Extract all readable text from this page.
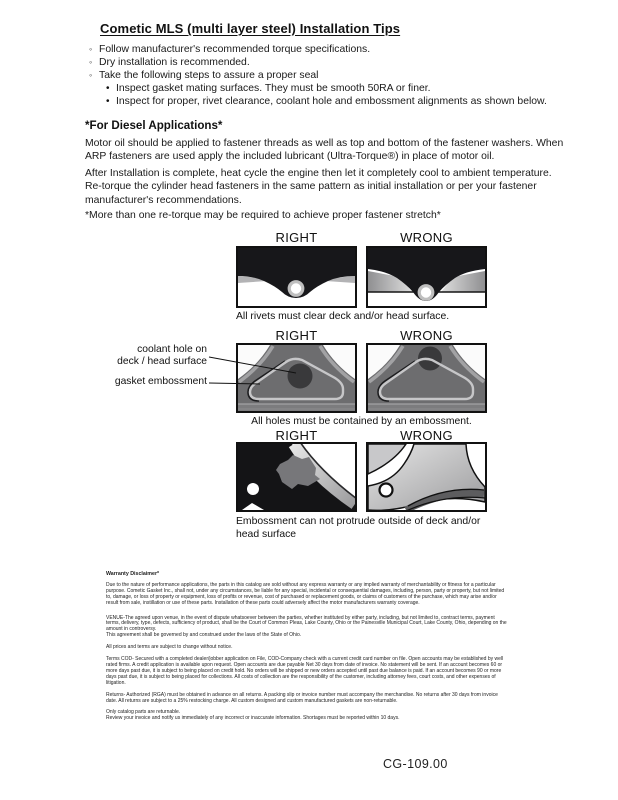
Cometic MLS (multi layer steel) Installation Tips
◦ Follow manufacturer's recommended torque specifications.
◦ Dry installation is recommended.
◦ Take the following steps to assure a proper seal
• Inspect gasket mating surfaces. They must be smooth 50RA or finer.
• Inspect for proper, rivet clearance, coolant hole and embossment alignments as shown below.
*For Diesel Applications*
Motor oil should be applied to fastener threads as well as top and bottom of the fastener washers. When ARP fasteners are used apply the included lubricant (Ultra-Torque®) in place of motor oil.
After Installation is complete, heat cycle the engine then let it completely cool to ambient temperature. Re-torque the cylinder head fasteners in the same pattern as initial installation or per your fastener manufacturer's recommendations.
*More than one re-torque may be required to achieve proper fastener stretch*
RIGHT	WRONG
All rivets must clear deck and/or head surface.
RIGHT	WRONG
coolant hole on
deck / head surface
gasket embossment
All holes must be contained by an embossment.
RIGHT	WRONG
Embossment can not protrude outside of deck and/or head surface
Warranty Disclaimer*

Due to the nature of performance applications, the parts in this catalog are sold without any express warranty or any implied warranty of merchantability or fitness for a particular purpose. Cometic Gasket Inc., shall not, under any circumstances, be liable for any special, incidental or consequential damages, including, person, party or property, but not limited to, damage, or loss of property or equipment, loss of profits or revenue, cost of purchased or replacement goods, or claims of customers of the purchase, which may arise and/or result from sale, instillation or use of these parts. Installation of these parts could adversely affect the motor manufacturers warranty coverage.

VENUE-The agreed upon venue, in the event of dispute whatsoever between the parties, whether instituted by either party, including, but not limited to, contract terms, payment terms, delivery, type, defects, sufficiency of product, shall be the Court of Common Pleas, Lake County, Ohio or the Painesville Municipal Court, Lake County, Ohio, depending on the amount in controversy.
This agreement shall be governed by and construed under the laws of the State of Ohio.

All prices and terms are subject to change without notice.

Terms COD- Secured with a completed dealer/jobber application on File, COD-Company check with a current credit card number on file. Open accounts may be established by well rated firms. A credit application is available upon request. Open accounts are due payable Net 30 days from date of invoice. No statement will be sent. If an account becomes 60 or more days past due, it is subject to being placed on credit hold. No orders will be shipped or new orders accepted until past due balance is paid. If an account becomes 90 or more days past due, it is subject to being placed for collections. All costs of collection are the responsibility of the customer, including attorney fees, court costs, and other expenses of litigation.

Returns- Authorized (RGA) must be obtained in advance on all returns. A packing slip or invoice number must accompany the merchandise. No returns after 30 days from invoice date. All returns are subject to a 25% restocking charge. All custom designed and custom manufactured gaskets are non-returnable.

Only catalog parts are returnable.
Review your invoice and notify us immediately of any incorrect or inaccurate information. Shortages must be reported within 10 days.

CG-109.00
